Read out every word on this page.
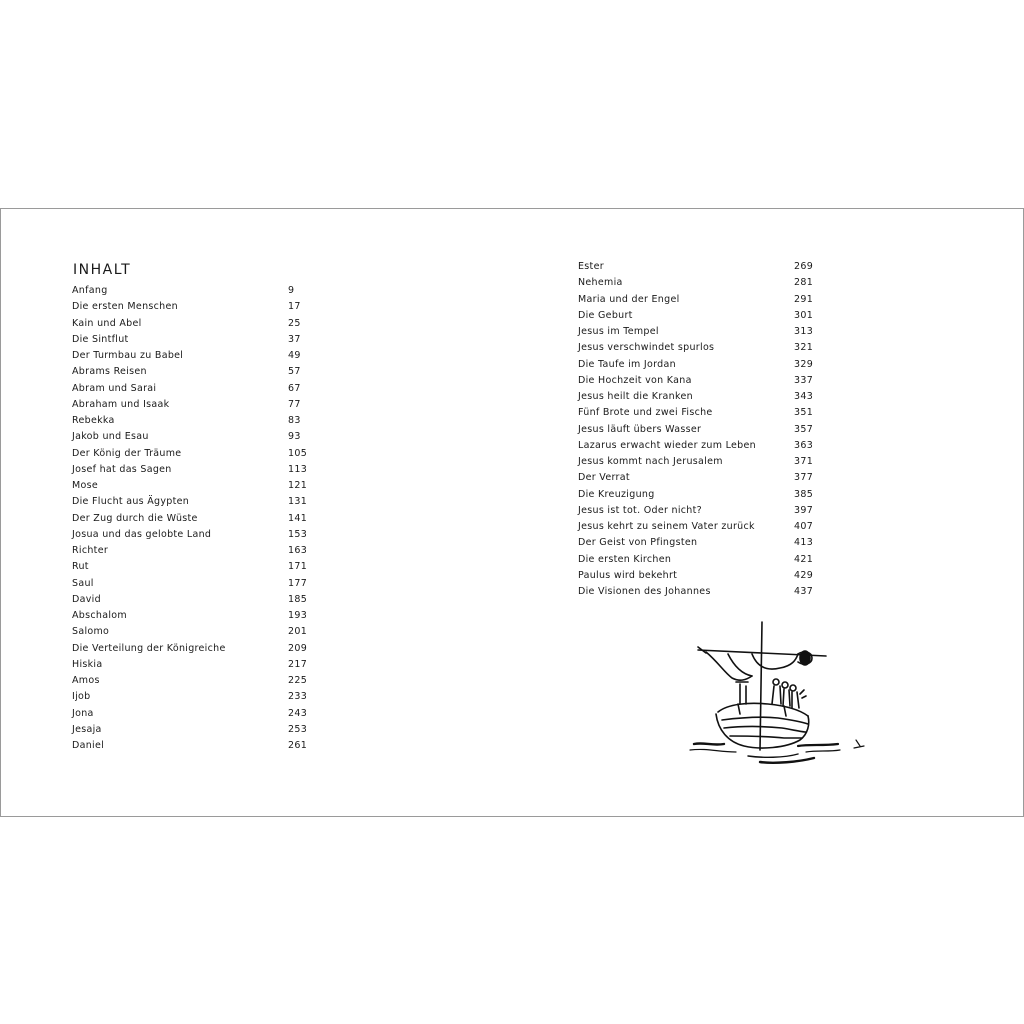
INHALT
Anfang	9
Die ersten Menschen	17
Kain und Abel	25
Die Sintflut	37
Der Turmbau zu Babel	49
Abrams Reisen	57
Abram und Sarai	67
Abraham und Isaak	77
Rebekka	83
Jakob und Esau	93
Der König der Träume	105
Josef hat das Sagen	113
Mose	121
Die Flucht aus Ägypten	131
Der Zug durch die Wüste	141
Josua und das gelobte Land	153
Richter	163
Rut	171
Saul	177
David	185
Abschalom	193
Salomo	201
Die Verteilung der Königreiche	209
Hiskia	217
Amos	225
Ijob	233
Jona	243
Jesaja	253
Daniel	261
Ester	269
Nehemia	281
Maria und der Engel	291
Die Geburt	301
Jesus im Tempel	313
Jesus verschwindet spurlos	321
Die Taufe im Jordan	329
Die Hochzeit von Kana	337
Jesus heilt die Kranken	343
Fünf Brote und zwei Fische	351
Jesus läuft übers Wasser	357
Lazarus erwacht wieder zum Leben	363
Jesus kommt nach Jerusalem	371
Der Verrat	377
Die Kreuzigung	385
Jesus ist tot. Oder nicht?	397
Jesus kehrt zu seinem Vater zurück	407
Der Geist von Pfingsten	413
Die ersten Kirchen	421
Paulus wird bekehrt	429
Die Visionen des Johannes	437
